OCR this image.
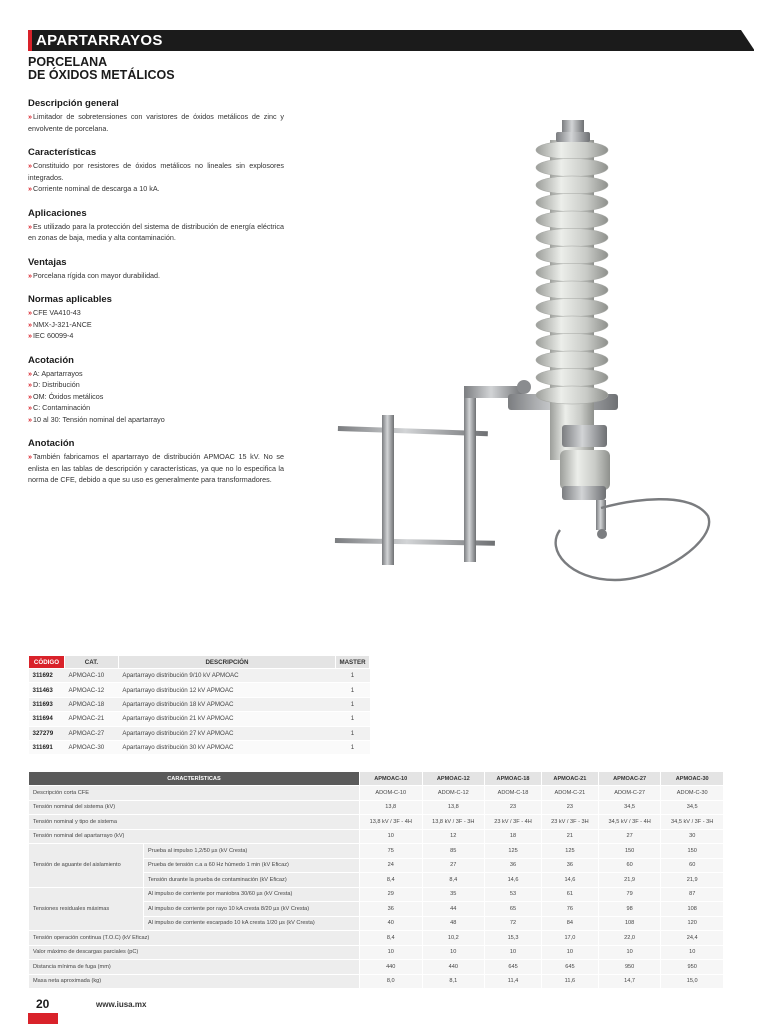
APARTARRAYOS
PORCELANA
DE ÓXIDOS METÁLICOS
Descripción general
»Limitador de sobretensiones con varistores de óxidos metálicos de zinc y envolvente de porcelana.
Características
»Constituido por resistores de óxidos metálicos no lineales sin explosores integrados.
»Corriente nominal de descarga a 10 kA.
Aplicaciones
»Es utilizado para la protección del sistema de distribución de energía eléctrica en zonas de baja, media y alta contaminación.
Ventajas
»Porcelana rígida con mayor durabilidad.
Normas aplicables
»CFE VA410-43
»NMX-J-321-ANCE
»IEC 60099-4
Acotación
»A: Apartarrayos
»D: Distribución
»OM: Óxidos metálicos
»C: Contaminación
»10 al 30: Tensión nominal del apartarrayo
Anotación
»También fabricamos el apartarrayo de distribución APMOAC 15 kV. No se enlista en las tablas de descripción y características, ya que no lo especifica la norma de CFE, debido a que su uso es generalmente para transformadores.
CÓDIGO	CAT.	DESCRIPCIÓN	MASTER
311692	APMOAC-10	Apartarrayo distribución 9/10 kV APMOAC	1
311463	APMOAC-12	Apartarrayo distribución 12 kV APMOAC	1
311693	APMOAC-18	Apartarrayo distribución 18 kV APMOAC	1
311694	APMOAC-21	Apartarrayo distribución 21 kV APMOAC	1
327279	APMOAC-27	Apartarrayo distribución 27 kV APMOAC	1
311691	APMOAC-30	Apartarrayo distribución 30 kV APMOAC	1
CARACTERÍSTICAS		APMOAC-10	APMOAC-12	APMOAC-18	APMOAC-21	APMOAC-27	APMOAC-30
Descripción corta CFE		ADOM-C-10	ADOM-C-12	ADOM-C-18	ADOM-C-21	ADOM-C-27	ADOM-C-30
Tensión nominal del sistema (kV)		13,8	13,8	23	23	34,5	34,5
Tensión nominal y tipo de sistema		13,8 kV / 3F - 4H	13,8 kV / 3F - 3H	23 kV / 3F - 4H	23 kV / 3F - 3H	34,5 kV / 3F - 4H	34,5 kV / 3F - 3H
Tensión nominal del apartarrayo (kV)		10	12	18	21	27	30
Tensión de aguante del aislamiento	Prueba al impulso 1,2/50 µs (kV Cresta)	75	85	125	125	150	150
	Prueba de tensión c.a a 60 Hz húmedo 1 min (kV Eficaz)	24	27	36	36	60	60
	Tensión durante la prueba de contaminación (kV Eficaz)	8,4	8,4	14,6	14,6	21,9	21,9
Tensiones residuales máximas	Al impulso de corriente por maniobra 30/60 µs (kV Cresta)	29	35	53	61	79	87
	Al impulso de corriente por rayo 10 kA cresta 8/20 µs (kV Cresta)	36	44	65	76	98	108
	Al impulso de corriente escarpado 10 kA cresta 1/20 µs (kV Cresta)	40	48	72	84	108	120
Tensión operación continua (T.O.C) (kV Eficaz)		8,4	10,2	15,3	17,0	22,0	24,4
Valor máximo de descargas parciales (pC)		10	10	10	10	10	10
Distancia mínima de fuga (mm)		440	440	645	645	950	950
Masa neta aproximada (kg)		8,0	8,1	11,4	11,6	14,7	15,0
20	www.iusa.mx
